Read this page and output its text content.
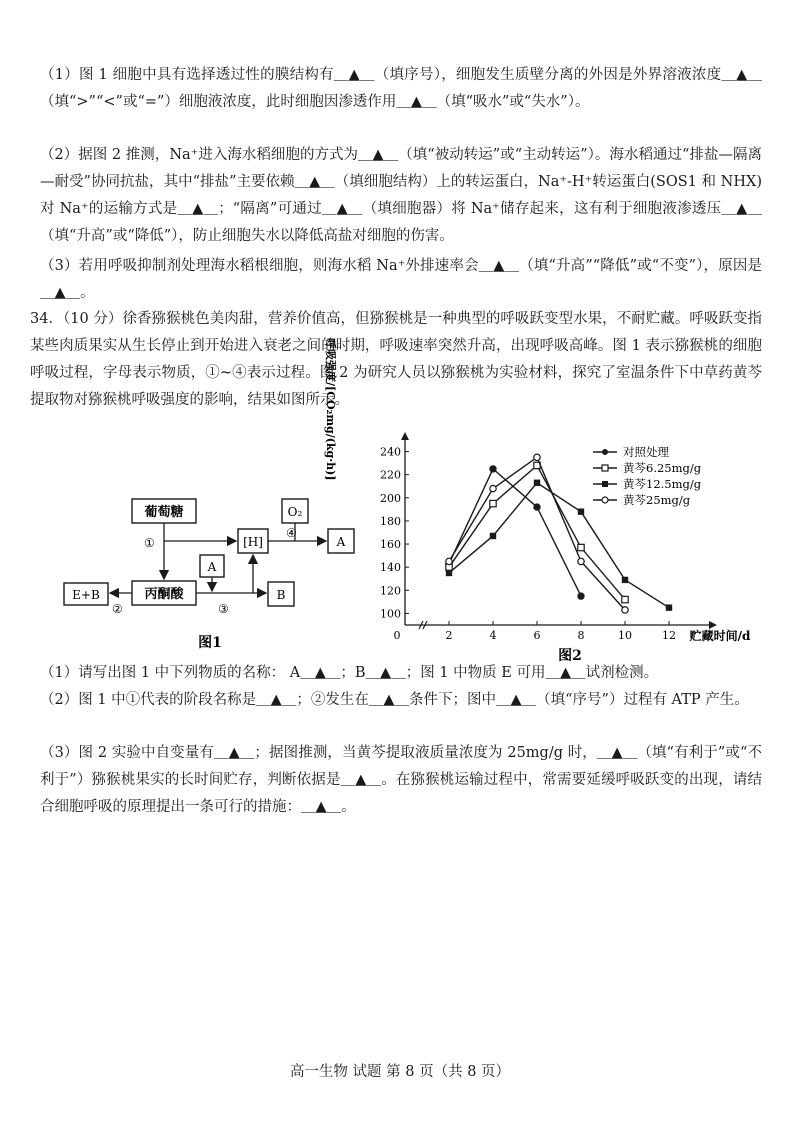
（1）图 1 细胞中具有选择透过性的膜结构有＿▲＿（填序号），细胞发生质壁分离的外因是外界溶液浓度＿▲＿（填“>”“<”或“=”）细胞液浓度，此时细胞因渗透作用＿▲＿（填“吸水”或“失水”）。

（2）据图 2 推测，Na⁺进入海水稻细胞的方式为＿▲＿（填“被动转运”或“主动转运”）。海水稻通过“排盐—隔离—耐受”协同抗盐，其中“排盐”主要依赖＿▲＿（填细胞结构）上的转运蛋白，Na⁺-H⁺转运蛋白(SOS1 和 NHX)对 Na⁺的运输方式是＿▲＿；“隔离”可通过＿▲＿（填细胞器）将 Na⁺储存起来，这有利于细胞液渗透压＿▲＿（填“升高”或“降低”），防止细胞失水以降低高盐对细胞的伤害。

（3）若用呼吸抑制剂处理海水稻根细胞，则海水稻 Na⁺外排速率会＿▲＿（填“升高”“降低”或“不变”），原因是＿▲＿。

34．（10 分）徐香猕猴桃色美肉甜，营养价值高，但猕猴桃是一种典型的呼吸跃变型水果，不耐贮藏。呼吸跃变指某些肉质果实从生长停止到开始进入衰老之间的时期，呼吸速率突然升高，出现呼吸高峰。图 1 表示猕猴桃的细胞呼吸过程，字母表示物质，①~④表示过程。图 2 为研究人员以猕猴桃为实验材料，探究了室温条件下中草药黄芩提取物对猕猴桃呼吸强度的影响，结果如图所示。

葡萄糖
丙酮酸
[H]
O₂
A
A
B
E+B
①
②	③
④
图1
100
120
140
160
180
200
220
240
0	2	4	6	8	10	12
对照处理
黄芩6.25mg/g
黄芩12.5mg/g
黄芩25mg/g
呼吸强度/[CO₂mg/(kg·h)]
贮藏时间/d
图2

（1）请写出图 1 中下列物质的名称： A＿▲＿；B＿▲＿；图 1 中物质 E 可用＿▲＿试剂检测。

（2）图 1 中①代表的阶段名称是＿▲＿；②发生在＿▲＿条件下；图中＿▲＿（填“序号”）过程有 ATP 产生。

（3）图 2 实验中自变量有＿▲＿；据图推测，当黄芩提取液质量浓度为 25mg/g 时，＿▲＿（填“有利于”或“不利于”）猕猴桃果实的长时间贮存，判断依据是＿▲＿。在猕猴桃运输过程中，常需要延缓呼吸跃变的出现，请结合细胞呼吸的原理提出一条可行的措施：＿▲＿。

高一生物 试题 第 8 页（共 8 页）
